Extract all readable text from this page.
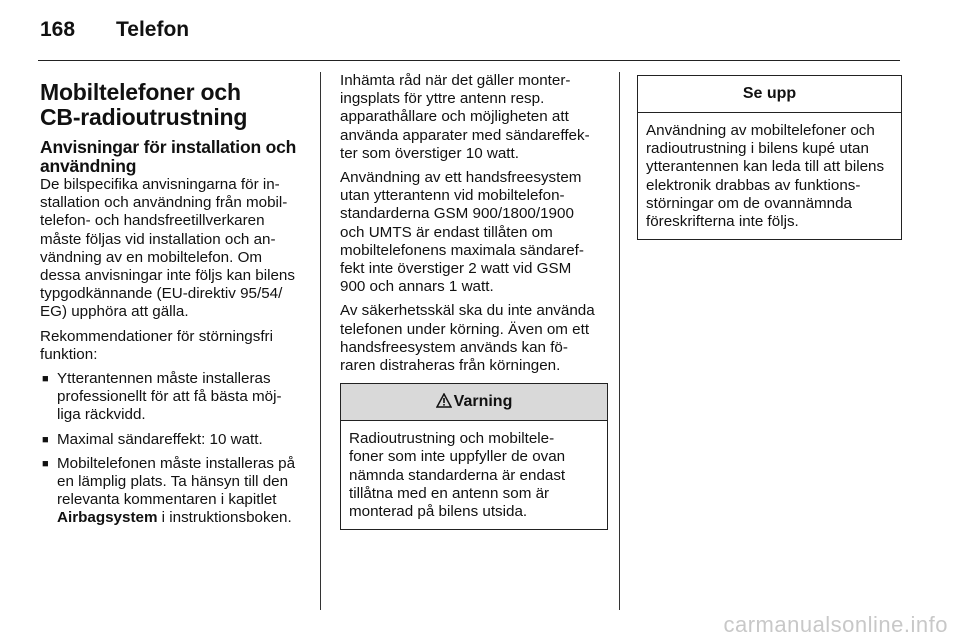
168 Telefon
Mobiltelefoner och
CB-radioutrustning
Anvisningar för installation och
användning

De bilspecifika anvisningarna för in-
stallation och användning från mobil-
telefon- och handsfreetillverkaren
måste följas vid installation och an-
vändning av en mobiltelefon. Om
dessa anvisningar inte följs kan bilens
typgodkännande (EU-direktiv 95/54/
EG) upphöra att gälla.

Rekommendationer för störningsfri
funktion:

■ Ytterantennen måste installeras
professionellt för att få bästa möj-
liga räckvidd.
■ Maximal sändareffekt: 10 watt.
■ Mobiltelefonen måste installeras på
en lämplig plats. Ta hänsyn till den
relevanta kommentaren i kapitlet
Airbagsystem i instruktionsboken.

Inhämta råd när det gäller monter-
ingsplats för yttre antenn resp.
apparathållare och möjligheten att
använda apparater med sändareffek-
ter som överstiger 10 watt.

Användning av ett handsfreesystem
utan ytterantenn vid mobiltelefon-
standarderna GSM 900/1800/1900
och UMTS är endast tillåten om
mobiltelefonens maximala sändaref-
fekt inte överstiger 2 watt vid GSM
900 och annars 1 watt.

Av säkerhetsskäl ska du inte använda
telefonen under körning. Även om ett
handsfreesystem används kan fö-
raren distraheras från körningen.

Varning
Radioutrustning och mobiltele-
foner som inte uppfyller de ovan
nämnda standarderna är endast
tillåtna med en antenn som är
monterad på bilens utsida.
Se upp
Användning av mobiltelefoner och
radioutrustning i bilens kupé utan
ytterantennen kan leda till att bilens
elektronik drabbas av funktions-
störningar om de ovannämnda
föreskrifterna inte följs.
carmanualsonline.info
